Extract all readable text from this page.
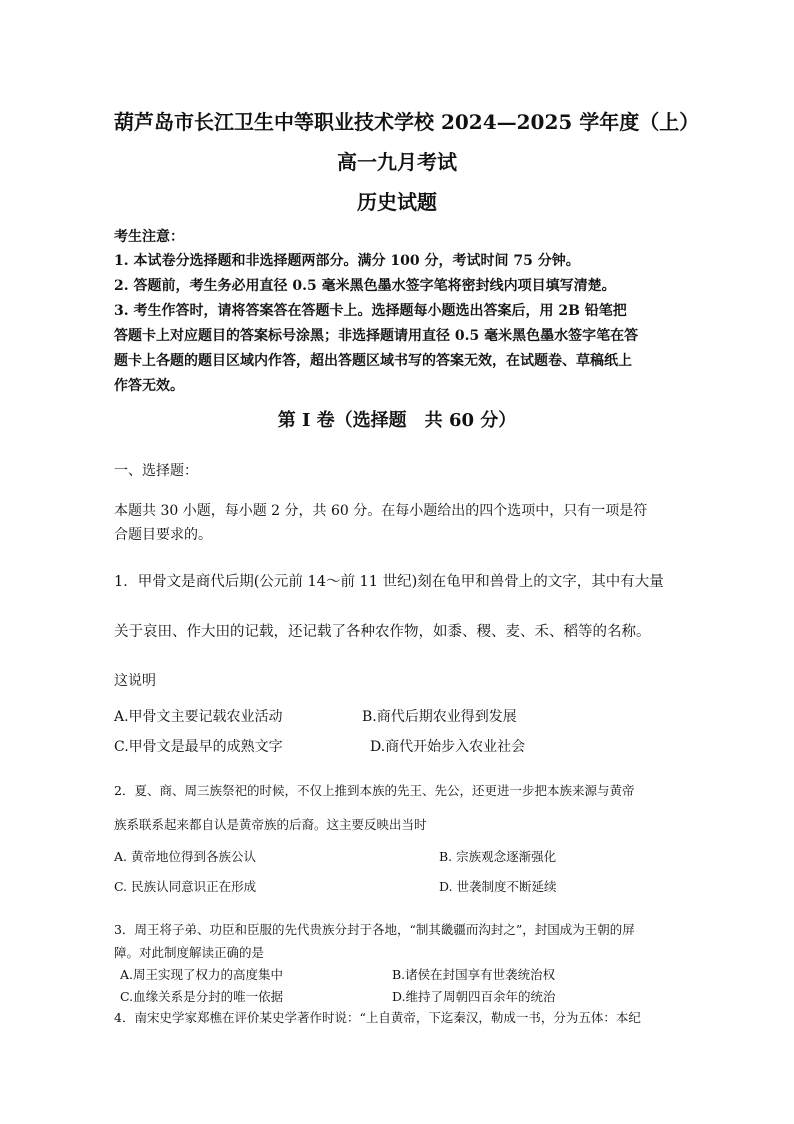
葫芦岛市长江卫生中等职业技术学校 2024—2025 学年度（上）
高一九月考试
历史试题
考生注意：
1. 本试卷分选择题和非选择题两部分。满分 100 分，考试时间 75 分钟。
2. 答题前，考生务必用直径 0.5 毫米黑色墨水签字笔将密封线内项目填写清楚。
3. 考生作答时，请将答案答在答题卡上。选择题每小题选出答案后，用 2B 铅笔把
答题卡上对应题目的答案标号涂黑；非选择题请用直径 0.5 毫米黑色墨水签字笔在答
题卡上各题的题目区域内作答，超出答题区域书写的答案无效，在试题卷、草稿纸上
作答无效。
第 I 卷（选择题　共 60 分）
一、选择题：
本题共 30 小题，每小题 2 分，共 60 分。在每小题给出的四个选项中，只有一项是符
合题目要求的。
1．甲骨文是商代后期(公元前 14～前 11 世纪)刻在龟甲和兽骨上的文字，其中有大量
关于哀田、作大田的记载，还记载了各种农作物，如黍、稷、麦、禾、稻等的名称。
这说明
A.甲骨文主要记载农业活动	B.商代后期农业得到发展
C.甲骨文是最早的成熟文字	D.商代开始步入农业社会
2．夏、商、周三族祭祀的时候，不仅上推到本族的先王、先公，还更进一步把本族来源与黄帝
族系联系起来都自认是黄帝族的后裔。这主要反映出当时
A. 黄帝地位得到各族公认	B. 宗族观念逐渐强化
C. 民族认同意识正在形成	D. 世袭制度不断延续
3．周王将子弟、功臣和臣服的先代贵族分封于各地，“制其畿疆而沟封之”，封国成为王朝的屏
障。对此制度解读正确的是
A.周王实现了权力的高度集中	B.诸侯在封国享有世袭统治权
C.血缘关系是分封的唯一依据	D.维持了周朝四百余年的统治
4．南宋史学家郑樵在评价某史学著作时说：“上自黄帝，下迄秦汉，勒成一书，分为五体：本纪
